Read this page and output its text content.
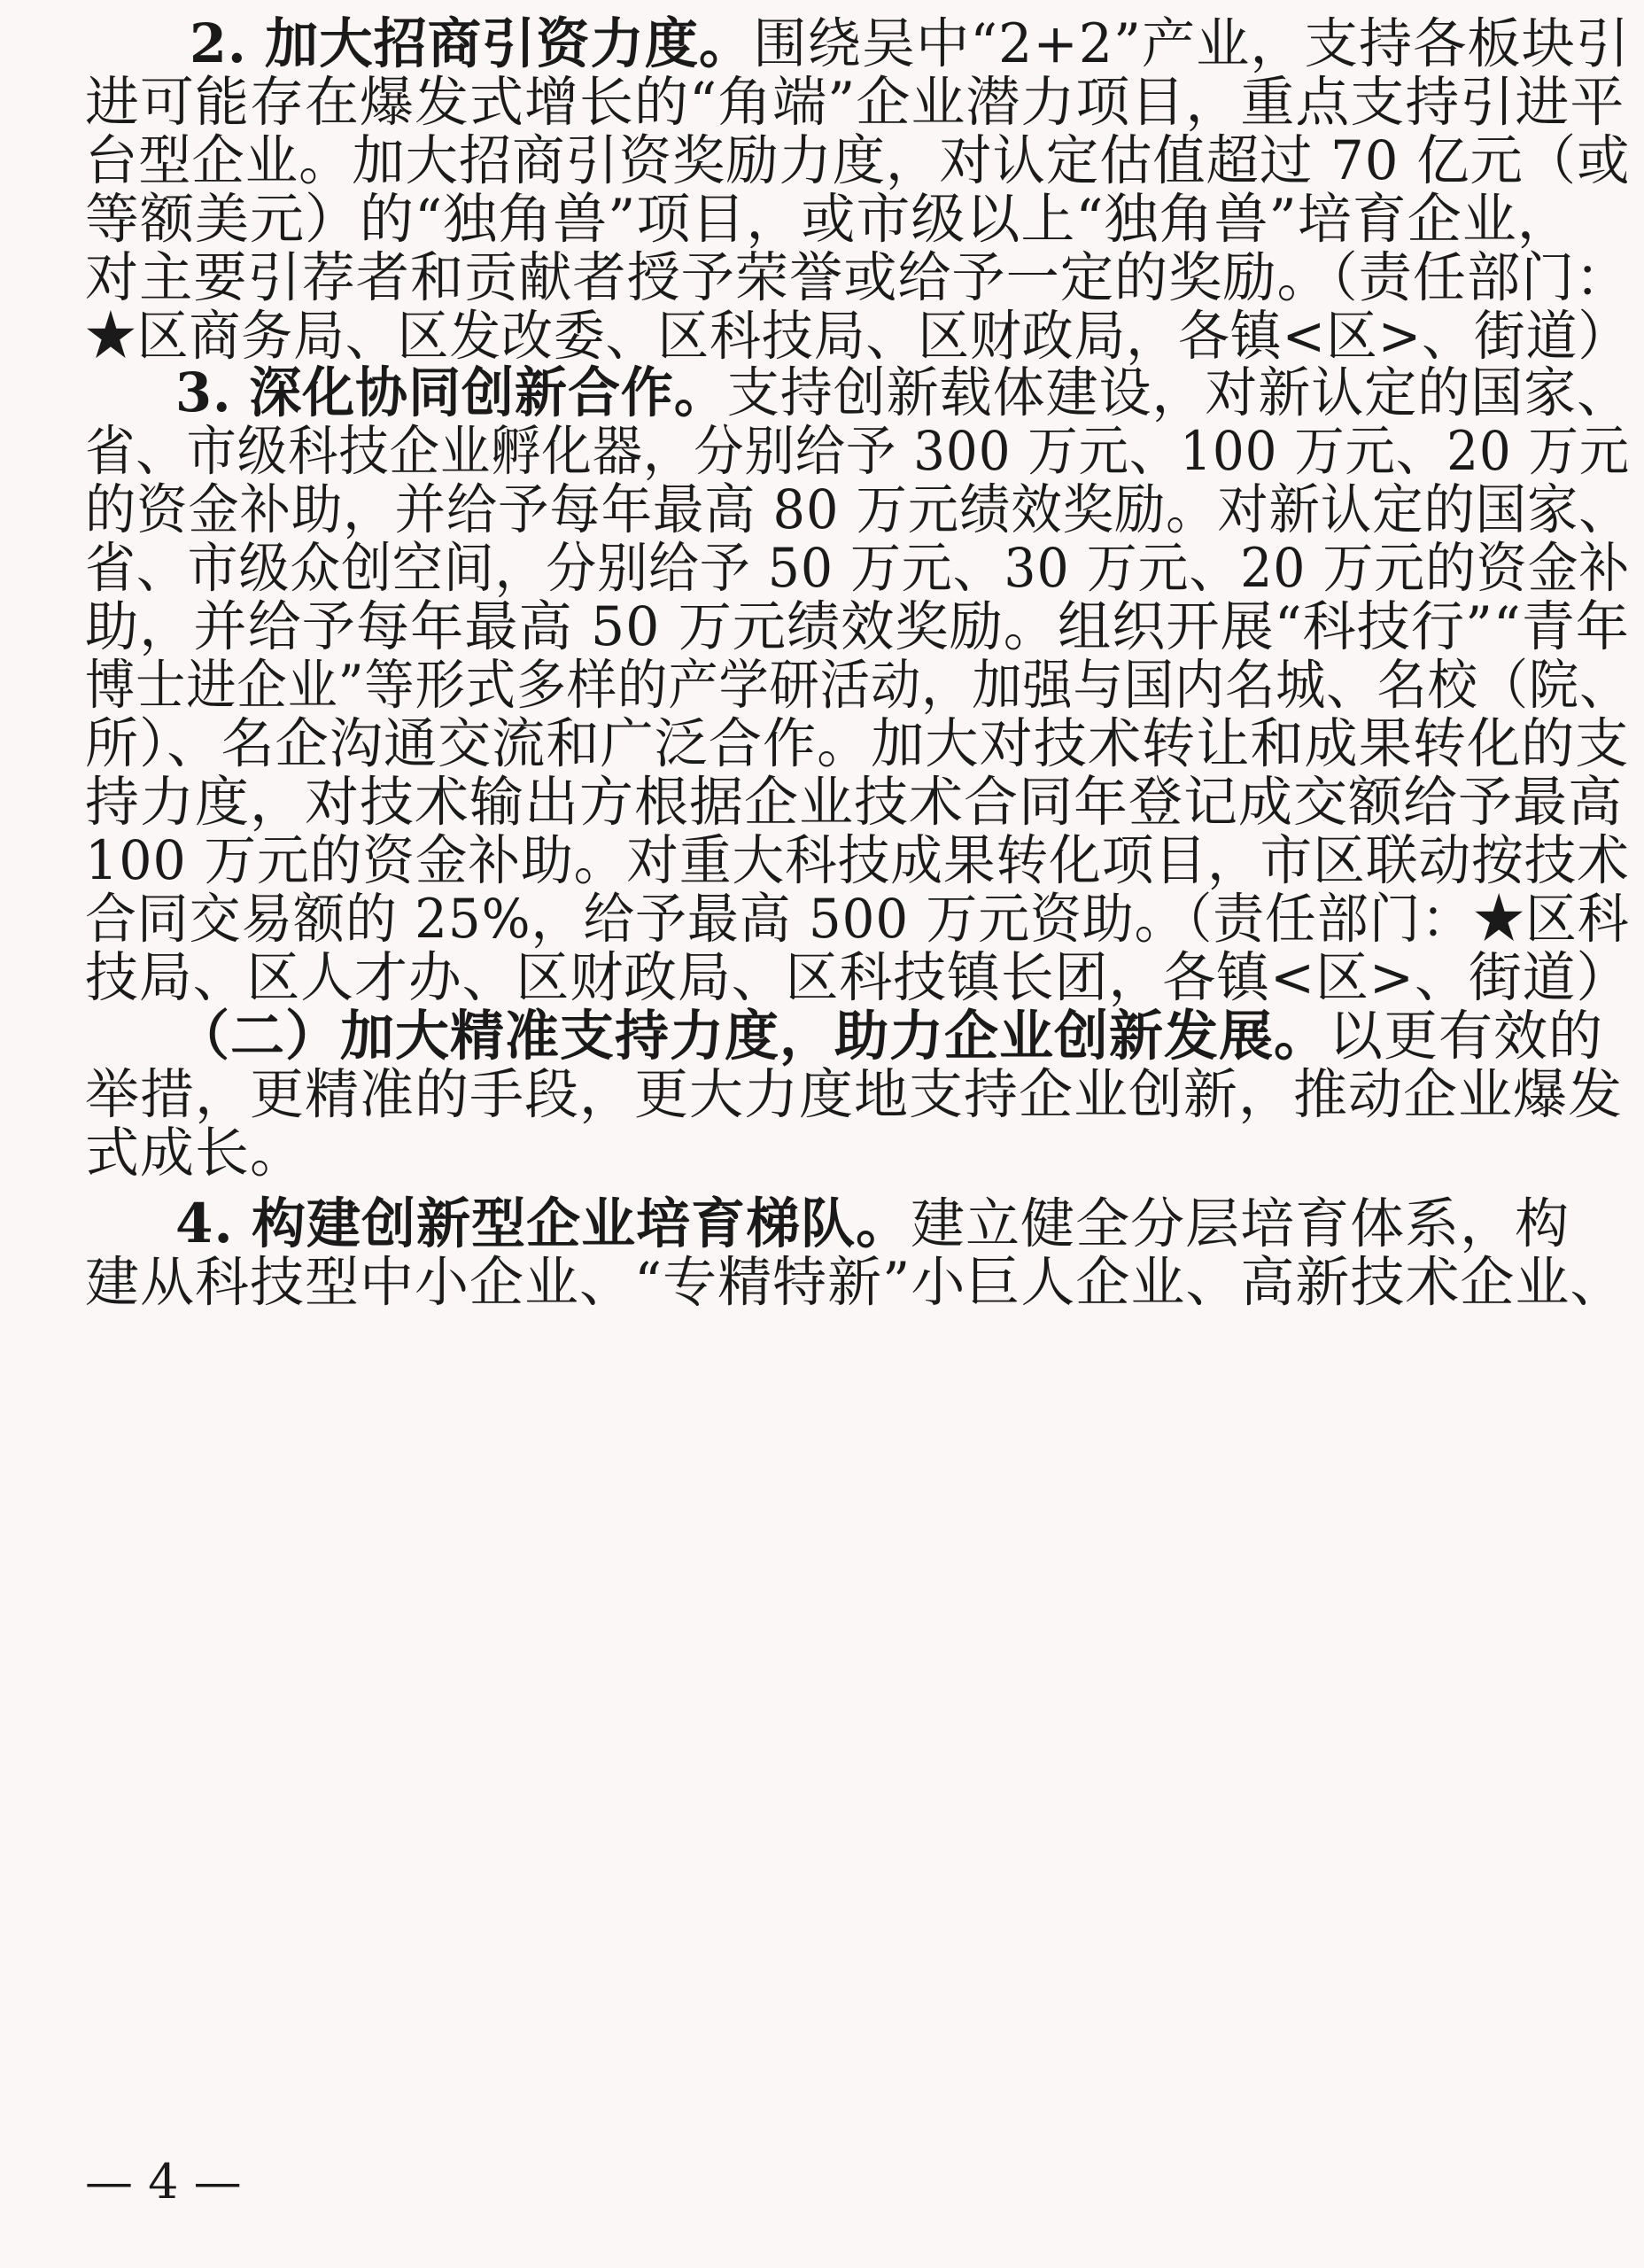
2. 加大招商引资力度。围绕吴中“2+2”产业，支持各板块引
进可能存在爆发式增长的“角端”企业潜力项目，重点支持引进平
台型企业。加大招商引资奖励力度，对认定估值超过 70 亿元（或
等额美元）的“独角兽”项目，或市级以上“独角兽”培育企业，
对主要引荐者和贡献者授予荣誉或给予一定的奖励。（责任部门：
★区商务局、区发改委、区科技局、区财政局，各镇<区>、街道）
3. 深化协同创新合作。支持创新载体建设，对新认定的国家、
省、市级科技企业孵化器，分别给予 300 万元、100 万元、20 万元
的资金补助，并给予每年最高 80 万元绩效奖励。对新认定的国家、
省、市级众创空间，分别给予 50 万元、30 万元、20 万元的资金补
助，并给予每年最高 50 万元绩效奖励。组织开展“科技行”“青年
博士进企业”等形式多样的产学研活动，加强与国内名城、名校（院、
所）、名企沟通交流和广泛合作。加大对技术转让和成果转化的支
持力度，对技术输出方根据企业技术合同年登记成交额给予最高
100 万元的资金补助。对重大科技成果转化项目，市区联动按技术
合同交易额的 25%，给予最高 500 万元资助。（责任部门：★区科
技局、区人才办、区财政局、区科技镇长团，各镇<区>、街道）
（二）加大精准支持力度，助力企业创新发展。以更有效的
举措，更精准的手段，更大力度地支持企业创新，推动企业爆发
式成长。
4. 构建创新型企业培育梯队。建立健全分层培育体系，构
建从科技型中小企业、“专精特新”小巨人企业、高新技术企业、
— 4 —
